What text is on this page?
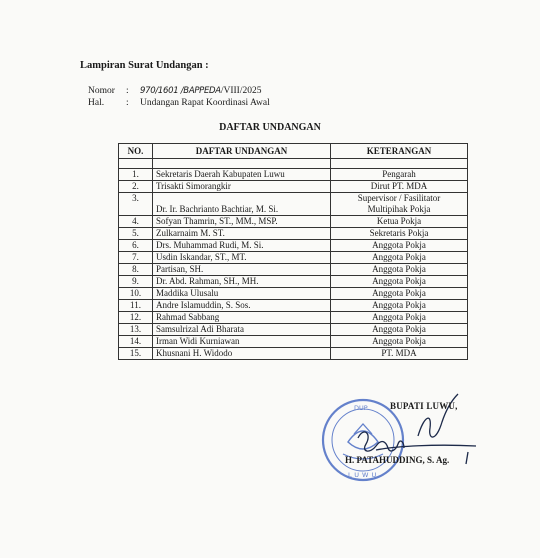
Lampiran Surat Undangan :
Nomor : 970/1601 /BAPPEDA/VIII/2025
Hal. : Undangan Rapat Koordinasi Awal
DAFTAR UNDANGAN
NO.	DAFTAR UNDANGAN	KETERANGAN

1.	Sekretaris Daerah Kabupaten Luwu	Pengarah

2.	Trisakti Simorangkir	Dirut PT. MDA

3.	Dr. Ir. Bachrianto Bachtiar, M. Si.	Supervisor / Fasilitator
Multipihak Pokja

4.	Sofyan Thamrin, ST., MM., MSP.	Ketua Pokja

5.	Zulkarnaim M. ST.	Sekretaris Pokja

6.	Drs. Muhammad Rudi, M. Si.	Anggota Pokja

7.	Usdin Iskandar, ST., MT.	Anggota Pokja

8.	Partisan, SH.	Anggota Pokja

9.	Dr. Abd. Rahman, SH., MH.	Anggota Pokja

10.	Maddika Ulusalu	Anggota Pokja

11.	Andre Islamuddin, S. Sos.	Anggota Pokja

12.	Rahmad Sabbang	Anggota Pokja

13.	Samsulrizal Adi Bharata	Anggota Pokja

14.	Irman Widi Kurniawan	Anggota Pokja

15.	Khusnani H. Widodo	PT. MDA
DUP
LUWU
BUPATI LUWU,
H. PATAHUDDING, S. Ag.
